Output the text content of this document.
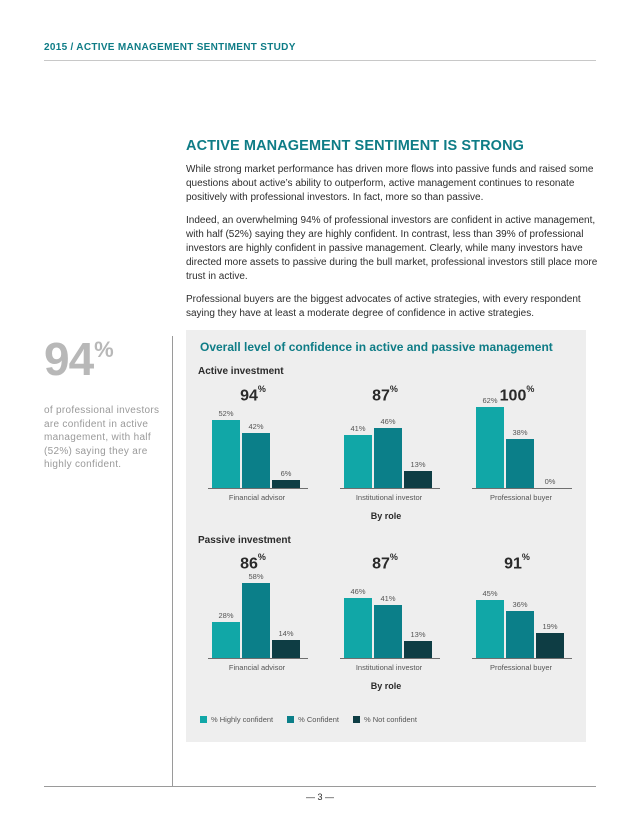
2015 / ACTIVE MANAGEMENT SENTIMENT STUDY
ACTIVE MANAGEMENT SENTIMENT IS STRONG

While strong market performance has driven more flows into passive funds and raised some questions about active’s ability to outperform, active management continues to resonate positively with professional investors. In fact, more so than passive.

Indeed, an overwhelming 94% of professional investors are confident in active management, with half (52%) saying they are highly confident. In contrast, less than 39% of professional investors are highly confident in passive management. Clearly, while many investors have directed more assets to passive during the bull market, professional investors still place more trust in active.

Professional buyers are the biggest advocates of active strategies, with every respondent saying they have at least a moderate degree of confidence in active strategies.

94%
of professional investors are confident in active management, with half (52%) saying they are highly confident.
Overall level of confidence in active and passive management
% Highly confident	% Confident	% Not confident
Active investment
94%
52%
42%
6%
Financial advisor
87%
41%
46%
13%
Institutional investor
100%
62%
38%
0%
Professional buyer
By role
Passive investment
86%
28%
58%
14%
Financial advisor
87%
46%
41%
13%
Institutional investor
91%
45%
36%
19%
Professional buyer
By role
— 3 —
